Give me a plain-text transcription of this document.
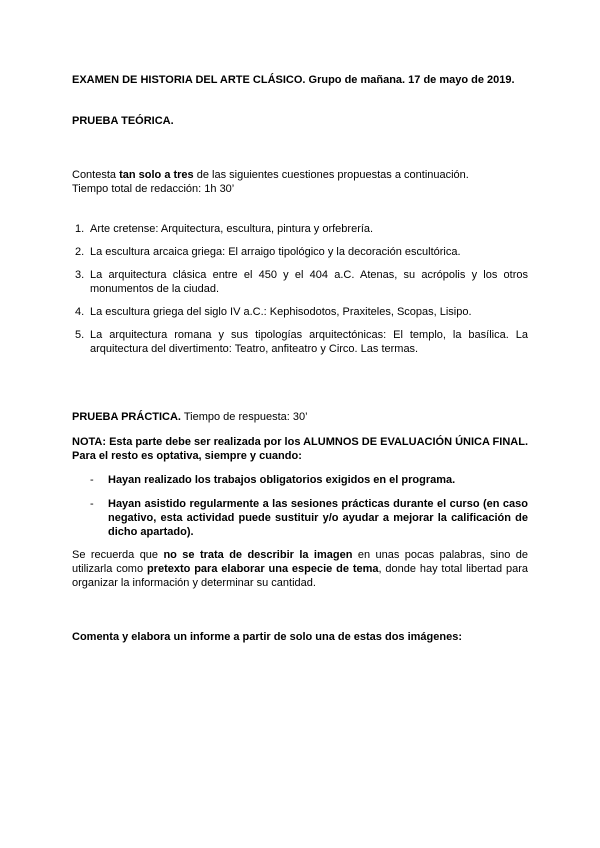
EXAMEN DE HISTORIA DEL ARTE CLÁSICO. Grupo de mañana. 17 de mayo de 2019.
PRUEBA TEÓRICA.
Contesta tan solo a tres de las siguientes cuestiones propuestas a continuación.
Tiempo total de redacción: 1h 30’
1. Arte cretense: Arquitectura, escultura, pintura y orfebrería.
2. La escultura arcaica griega: El arraigo tipológico y la decoración escultórica.
3. La arquitectura clásica entre el 450 y el 404 a.C. Atenas, su acrópolis y los otros monumentos de la ciudad.
4. La escultura griega del siglo IV a.C.: Kephisodotos, Praxiteles, Scopas, Lisipo.
5. La arquitectura romana y sus tipologías arquitectónicas: El templo, la basílica. La arquitectura del divertimento: Teatro, anfiteatro y Circo. Las termas.
PRUEBA PRÁCTICA. Tiempo de respuesta: 30’
NOTA: Esta parte debe ser realizada por los ALUMNOS DE EVALUACIÓN ÚNICA FINAL. Para el resto es optativa, siempre y cuando:
- Hayan realizado los trabajos obligatorios exigidos en el programa.
- Hayan asistido regularmente a las sesiones prácticas durante el curso (en caso negativo, esta actividad puede sustituir y/o ayudar a mejorar la calificación de dicho apartado).
Se recuerda que no se trata de describir la imagen en unas pocas palabras, sino de utilizarla como pretexto para elaborar una especie de tema, donde hay total libertad para organizar la información y determinar su cantidad.
Comenta y elabora un informe a partir de solo una de estas dos imágenes:
